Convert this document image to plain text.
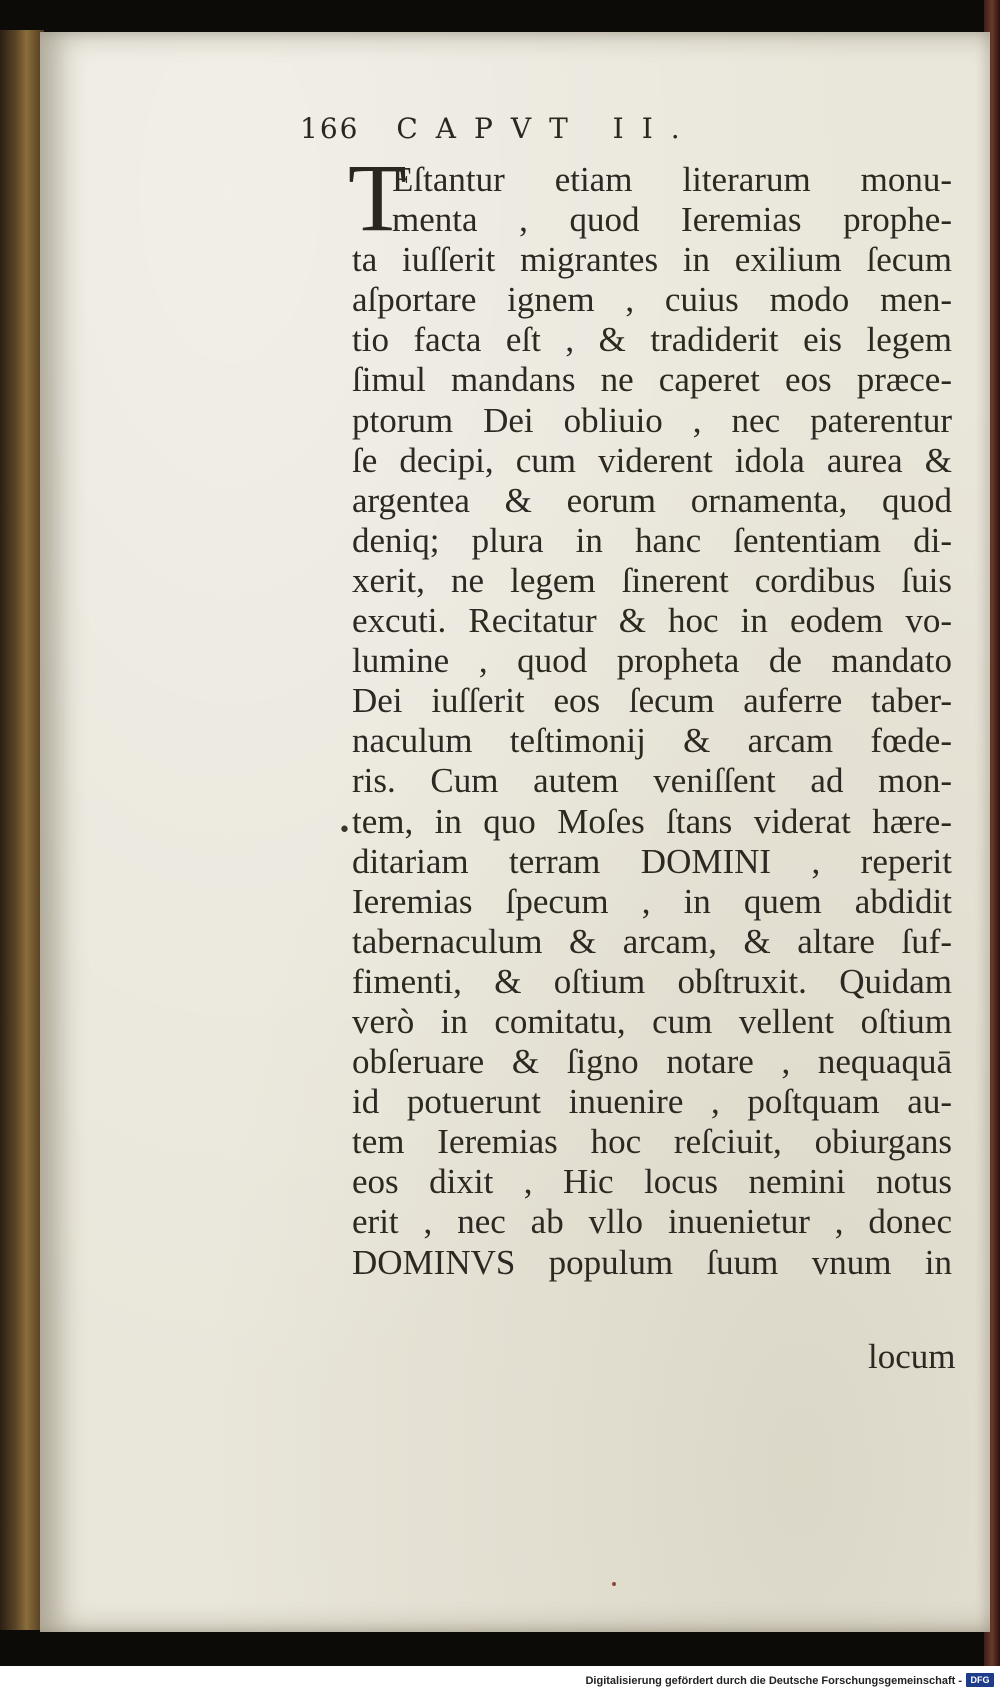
166 CAPVT II.
T
Eſtantur etiam literarum monu-
menta , quod Ieremias prophe-
ta iuſſerit migrantes in exilium ſecum
aſportare ignem , cuius modo men-
tio facta eſt , & tradiderit eis legem
ſimul mandans ne caperet eos præce-
ptorum Dei obliuio , nec paterentur
ſe decipi, cum viderent idola aurea &
argentea & eorum ornamenta, quod
deniq; plura in hanc ſententiam di-
xerit, ne legem ſinerent cordibus ſuis
excuti. Recitatur & hoc in eodem vo-
lumine , quod propheta de mandato
Dei iuſſerit eos ſecum auferre taber-
naculum teſtimonij & arcam fœde-
ris. Cum autem veniſſent ad mon-
tem, in quo Moſes ſtans viderat hære-
ditariam terram DOMINI , reperit
Ieremias ſpecum , in quem abdidit
tabernaculum & arcam, & altare ſuf-
fimenti, & oſtium obſtruxit. Quidam
verò in comitatu, cum vellent oſtium
obſeruare & ſigno notare , nequaquā
id potuerunt inuenire , poſtquam au-
tem Ieremias hoc reſciuit, obiurgans
eos dixit , Hic locus nemini notus
erit , nec ab vllo inuenietur , donec
DOMINVS populum ſuum vnum in
•
locum
Digitalisierung gefördert durch die Deutsche Forschungsgemeinschaft - DFG
